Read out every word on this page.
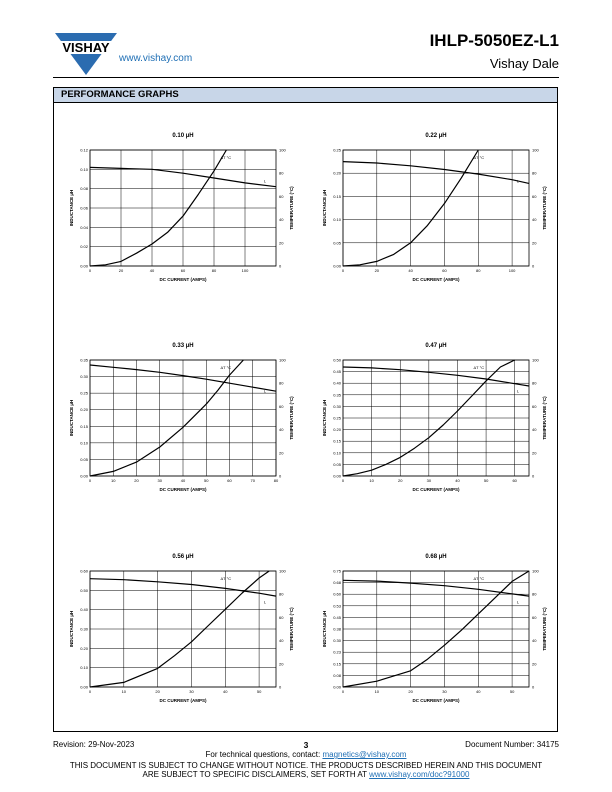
VISHAY
www.vishay.com
IHLP-5050EZ-L1
Vishay Dale
PERFORMANCE GRAPHS
0.10 µH
0	20	40	60	80	100
0.00
0.02
0.04
0.06
0.08
0.10
0.12
0
20
40
60
80
100
DC CURRENT (AMPS)
INDUCTANCE µH	TEMPERATURE (°C)
ΔT °C
L
0.22 µH
0	20	40	60	80	100
0.00
0.05
0.10
0.15
0.20
0.25
0
20
40
60
80
100
DC CURRENT (AMPS)
INDUCTANCE µH	TEMPERATURE (°C)
ΔT °C
L
0.33 µH
0	10	20	30	40	50	60	70	80
0.00
0.05
0.10
0.15
0.20
0.25
0.30
0.35
0
20
40
60
80
100
DC CURRENT (AMPS)
INDUCTANCE µH	TEMPERATURE (°C)
ΔT °C
L
0.47 µH
0	10	20	30	40	50	60
0.00
0.05
0.10
0.15
0.20
0.25
0.30
0.35
0.40
0.45
0.50
0
20
40
60
80
100
DC CURRENT (AMPS)
INDUCTANCE µH	TEMPERATURE (°C)
ΔT °C
L
0.56 µH
0	10	20	30	40	50
0.00
0.10
0.20
0.30
0.40
0.50
0.60
0
20
40
60
80
100
DC CURRENT (AMPS)
INDUCTANCE µH	TEMPERATURE (°C)
ΔT °C
L
0.68 µH
0	10	20	30	40	50
0.00
0.08
0.15
0.23
0.30
0.38
0.45
0.53
0.60
0.68
0.75
0
20
40
60
80
100
DC CURRENT (AMPS)
INDUCTANCE µH	TEMPERATURE (°C)
ΔT °C
L
Revision: 29-Nov-2023	3	Document Number: 34175
For technical questions, contact: magnetics@vishay.com
THIS DOCUMENT IS SUBJECT TO CHANGE WITHOUT NOTICE. THE PRODUCTS DESCRIBED HEREIN AND THIS DOCUMENT
ARE SUBJECT TO SPECIFIC DISCLAIMERS, SET FORTH AT www.vishay.com/doc?91000
